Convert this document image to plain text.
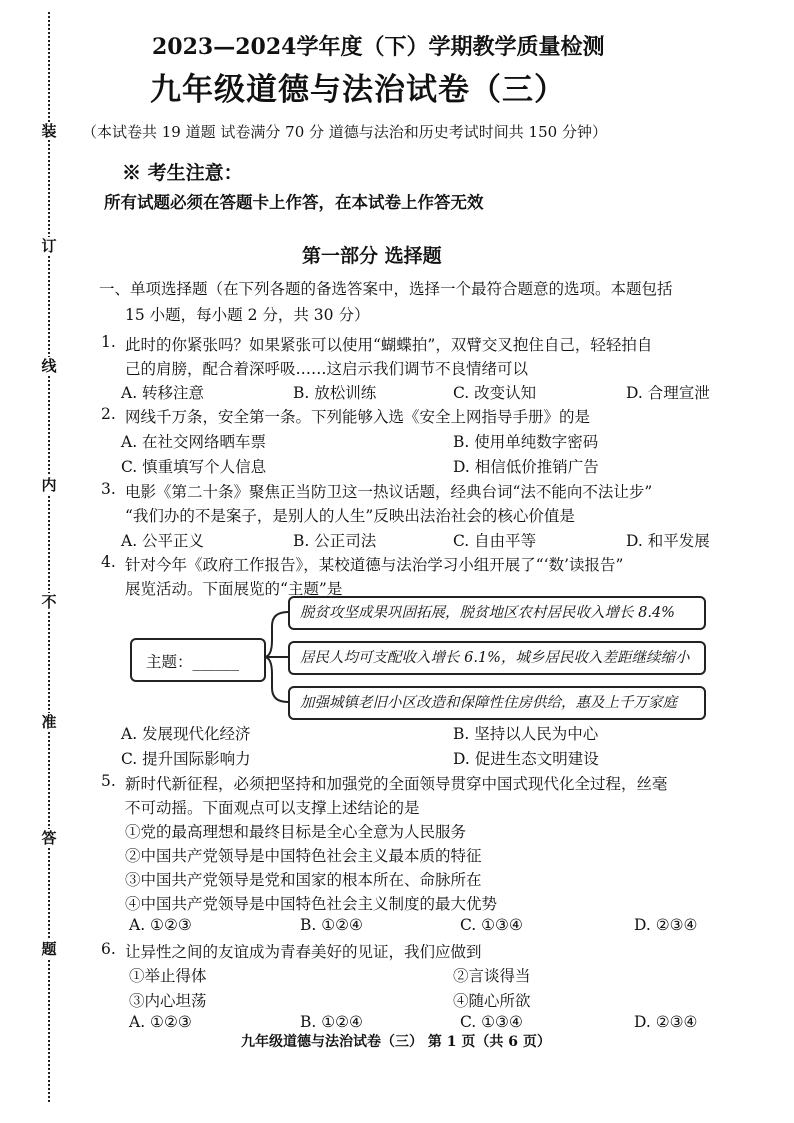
装
订
线
内
不
准
答
题
2023—2024学年度（下）学期教学质量检测
九年级道德与法治试卷（三）
（本试卷共 19 道题 试卷满分 70 分 道德与法治和历史考试时间共 150 分钟）
※ 考生注意：
所有试题必须在答题卡上作答，在本试卷上作答无效
第一部分 选择题
一、单项选择题（在下列各题的备选答案中，选择一个最符合题意的选项。本题包括
15 小题，每小题 2 分，共 30 分）
1. 此时的你紧张吗？如果紧张可以使用“蝴蝶拍”，双臂交叉抱住自己，轻轻拍自
己的肩膀，配合着深呼吸……这启示我们调节不良情绪可以
A. 转移注意	B. 放松训练	C. 改变认知	D. 合理宣泄
2. 网线千万条，安全第一条。下列能够入选《安全上网指导手册》的是
A. 在社交网络晒车票	B. 使用单纯数字密码
C. 慎重填写个人信息	D. 相信低价推销广告
3. 电影《第二十条》聚焦正当防卫这一热议话题，经典台词“法不能向不法让步”
“我们办的不是案子，是别人的人生”反映出法治社会的核心价值是
A. 公平正义	B. 公正司法	C. 自由平等	D. 和平发展
4. 针对今年《政府工作报告》，某校道德与法治学习小组开展了“‘数’读报告”
展览活动。下面展览的“主题”是
主题：______
脱贫攻坚成果巩固拓展，脱贫地区农村居民收入增长 8.4%
居民人均可支配收入增长 6.1%，城乡居民收入差距继续缩小
加强城镇老旧小区改造和保障性住房供给，惠及上千万家庭
A. 发展现代化经济	B. 坚持以人民为中心
C. 提升国际影响力	D. 促进生态文明建设
5. 新时代新征程，必须把坚持和加强党的全面领导贯穿中国式现代化全过程，丝毫
不可动摇。下面观点可以支撑上述结论的是
①党的最高理想和最终目标是全心全意为人民服务
②中国共产党领导是中国特色社会主义最本质的特征
③中国共产党领导是党和国家的根本所在、命脉所在
④中国共产党领导是中国特色社会主义制度的最大优势
A. ①②③	B. ①②④	C. ①③④	D. ②③④
6. 让异性之间的友谊成为青春美好的见证，我们应做到
①举止得体	②言谈得当
③内心坦荡	④随心所欲
A. ①②③	B. ①②④	C. ①③④	D. ②③④
九年级道德与法治试卷（三） 第 1 页（共 6 页）
